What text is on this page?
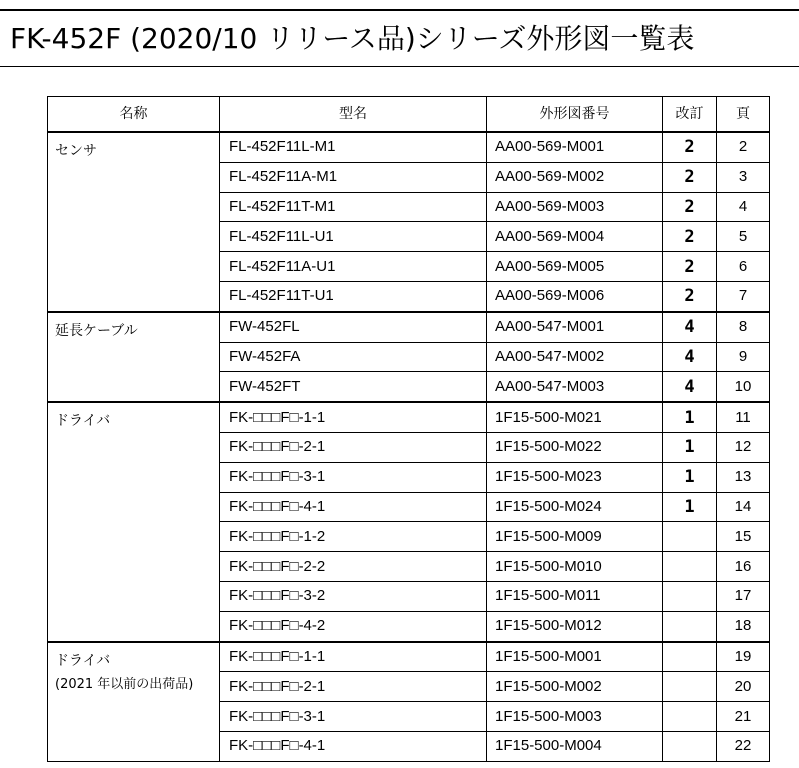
FK-452F (2020/10 リリース品)シリーズ外形図一覧表
名称	型名	外形図番号	改訂	頁

センサ	FL-452F11L-M1	AA00-569-M001	2	2
	FL-452F11A-M1	AA00-569-M002	2	3
	FL-452F11T-M1	AA00-569-M003	2	4
	FL-452F11L-U1	AA00-569-M004	2	5
	FL-452F11A-U1	AA00-569-M005	2	6
	FL-452F11T-U1	AA00-569-M006	2	7

延長ケーブル	FW-452FL	AA00-547-M001	4	8
	FW-452FA	AA00-547-M002	4	9
	FW-452FT	AA00-547-M003	4	10

ドライバ	FK-□□□F□-1-1	1F15-500-M021	1	11
	FK-□□□F□-2-1	1F15-500-M022	1	12
	FK-□□□F□-3-1	1F15-500-M023	1	13
	FK-□□□F□-4-1	1F15-500-M024	1	14
	FK-□□□F□-1-2	1F15-500-M009		15
	FK-□□□F□-2-2	1F15-500-M010		16
	FK-□□□F□-3-2	1F15-500-M011		17
	FK-□□□F□-4-2	1F15-500-M012		18

ドライバ
(2021 年以前の出荷品)	FK-□□□F□-1-1	1F15-500-M001		19
	FK-□□□F□-2-1	1F15-500-M002		20
	FK-□□□F□-3-1	1F15-500-M003		21
	FK-□□□F□-4-1	1F15-500-M004		22
